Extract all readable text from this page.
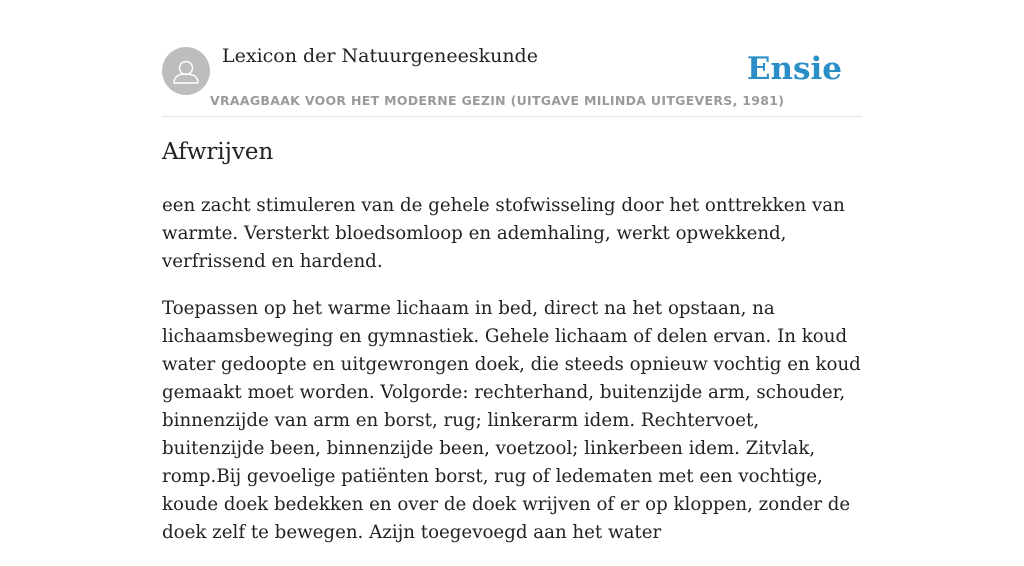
Lexicon der Natuurgeneeskunde
VRAAGBAAK VOOR HET MODERNE GEZIN (UITGAVE MILINDA UITGEVERS, 1981)
Ensie
Afwrijven

een zacht stimuleren van de gehele stofwisseling door het onttrekken van warmte. Versterkt bloedsomloop en ademhaling, werkt opwekkend, verfrissend en hardend.

Toepassen op het warme lichaam in bed, direct na het opstaan, na lichaamsbeweging en gymnastiek. Gehele lichaam of delen ervan. In koud water gedoopte en uitgewrongen doek, die steeds opnieuw vochtig en koud gemaakt moet worden. Volgorde: rechterhand, buitenzijde arm, schouder, binnenzijde van arm en borst, rug; linkerarm idem. Rechtervoet, buitenzijde been, binnenzijde been, voetzool; linkerbeen idem. Zitvlak, romp.Bij gevoelige patiënten borst, rug of ledematen met een vochtige, koude doek bedekken en over de doek wrijven of er op kloppen, zonder de doek zelf te bewegen. Azijn toegevoegd aan het water
